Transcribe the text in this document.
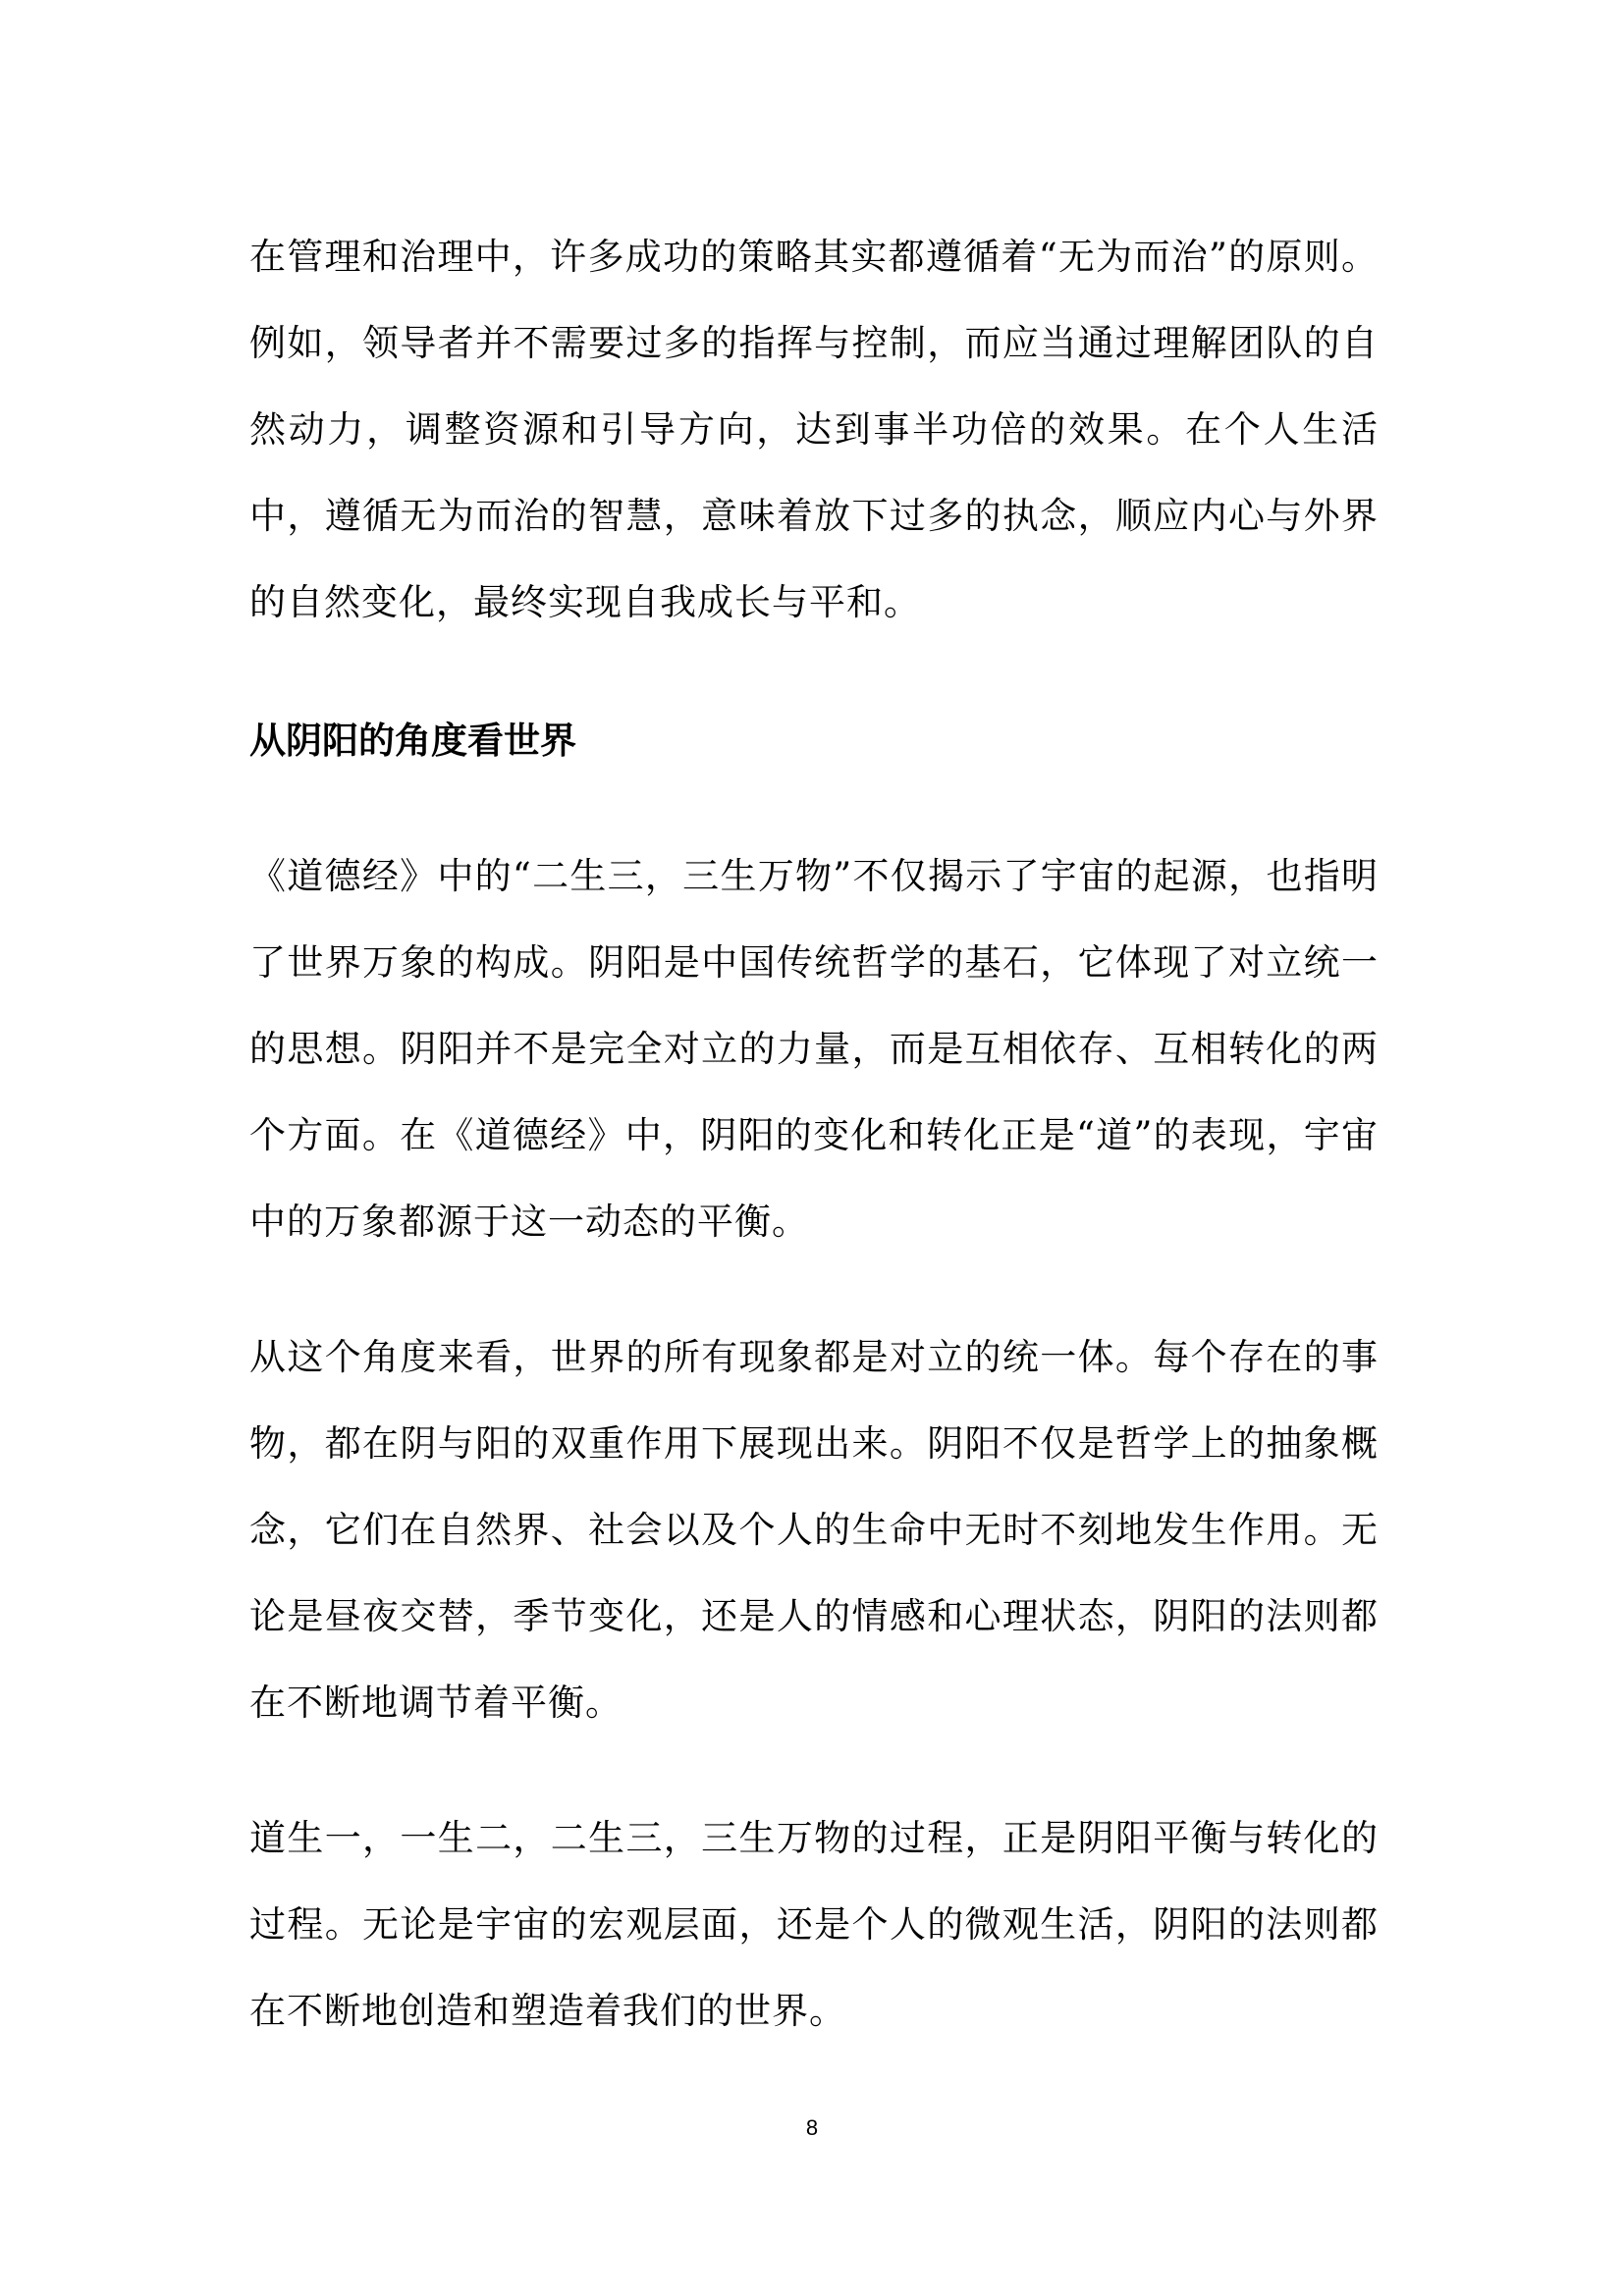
在管理和治理中，许多成功的策略其实都遵循着“无为而治”的原则。例如，领导者并不需要过多的指挥与控制，而应当通过理解团队的自然动力，调整资源和引导方向，达到事半功倍的效果。在个人生活中，遵循无为而治的智慧，意味着放下过多的执念，顺应内心与外界的自然变化，最终实现自我成长与平和。

从阴阳的角度看世界

《道德经》中的“二生三，三生万物”不仅揭示了宇宙的起源，也指明了世界万象的构成。阴阳是中国传统哲学的基石，它体现了对立统一的思想。阴阳并不是完全对立的力量，而是互相依存、互相转化的两个方面。在《道德经》中，阴阳的变化和转化正是“道”的表现，宇宙中的万象都源于这一动态的平衡。

从这个角度来看，世界的所有现象都是对立的统一体。每个存在的事物，都在阴与阳的双重作用下展现出来。阴阳不仅是哲学上的抽象概念，它们在自然界、社会以及个人的生命中无时不刻地发生作用。无论是昼夜交替，季节变化，还是人的情感和心理状态，阴阳的法则都在不断地调节着平衡。

道生一，一生二，二生三，三生万物的过程，正是阴阳平衡与转化的过程。无论是宇宙的宏观层面，还是个人的微观生活，阴阳的法则都在不断地创造和塑造着我们的世界。

8
